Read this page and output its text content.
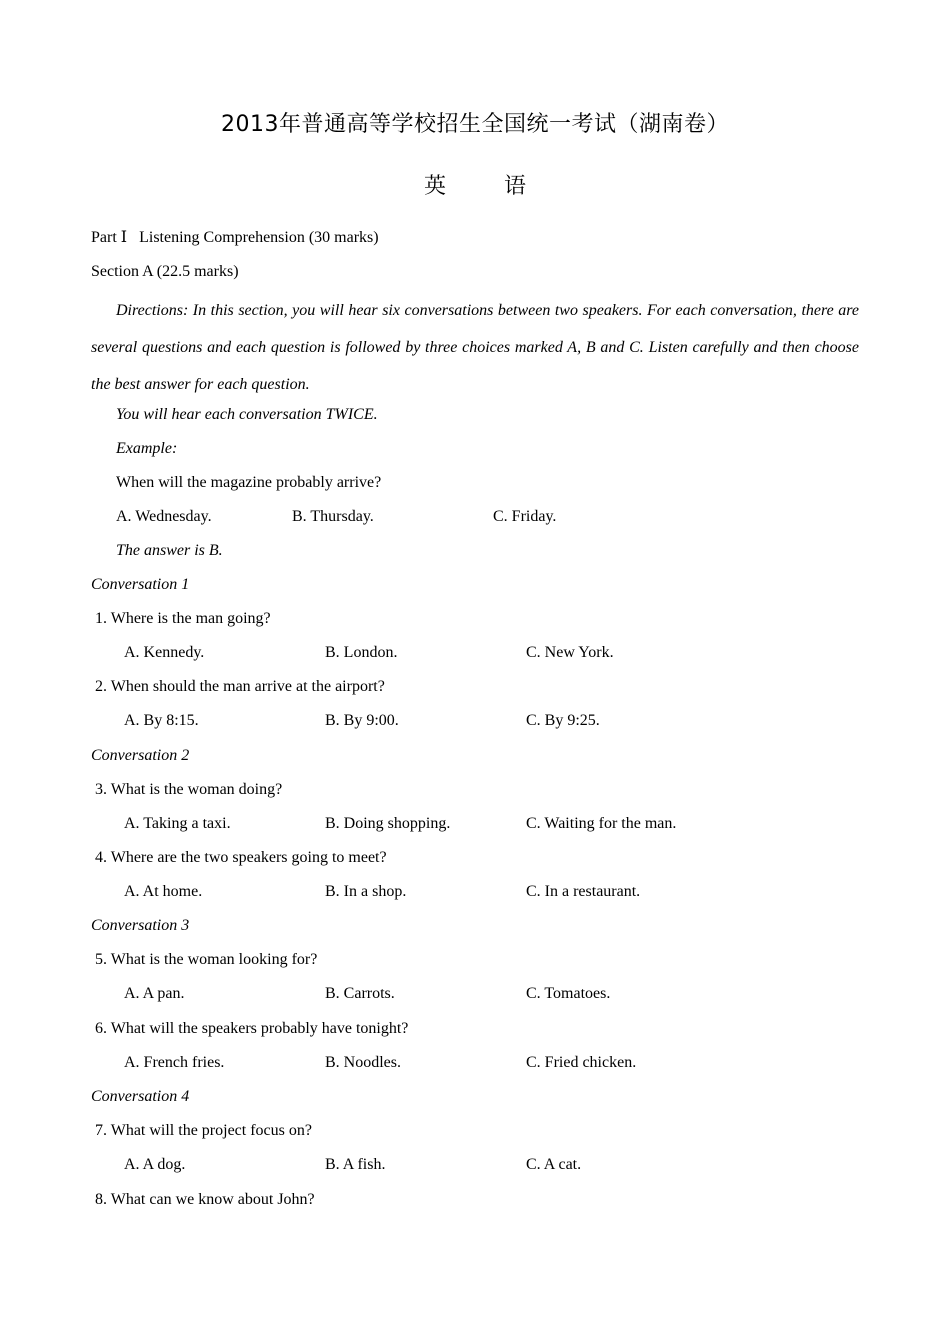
2013年普通高等学校招生全国统一考试（湖南卷）
英	语
Part Ⅰ   Listening Comprehension (30 marks)
Section A (22.5 marks)
Directions: In this section, you will hear six conversations between two speakers. For each conversation, there are several questions and each question is followed by three choices marked A, B and C. Listen carefully and then choose the best answer for each question.
You will hear each conversation TWICE.
Example:
When will the magazine probably arrive?
A. Wednesday.	B. Thursday.	C. Friday.
The answer is B.
Conversation 1
1. Where is the man going?
A. Kennedy.	B. London.	C. New York.
2. When should the man arrive at the airport?
A. By 8:15.	B. By 9:00.	C. By 9:25.
Conversation 2
3. What is the woman doing?
A. Taking a taxi.	B. Doing shopping.	C. Waiting for the man.
4. Where are the two speakers going to meet?
A. At home.	B. In a shop.	C. In a restaurant.
Conversation 3
5. What is the woman looking for?
A. A pan.	B. Carrots.	C. Tomatoes.
6. What will the speakers probably have tonight?
A. French fries.	B. Noodles.	C. Fried chicken.
Conversation 4
7. What will the project focus on?
A. A dog.	B. A fish.	C. A cat.
8. What can we know about John?
